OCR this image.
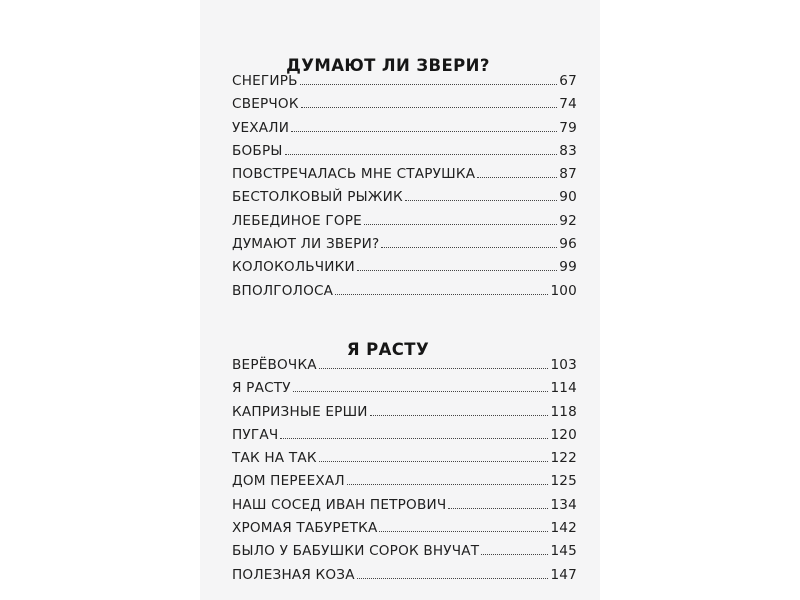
ДУМАЮТ ЛИ ЗВЕРИ?
СНЕГИРЬ	67
СВЕРЧОК	74
УЕХАЛИ	79
БОБРЫ	83
ПОВСТРЕЧАЛАСЬ МНЕ СТАРУШКА	87
БЕСТОЛКОВЫЙ РЫЖИК	90
ЛЕБЕДИНОЕ ГОРЕ	92
ДУМАЮТ ЛИ ЗВЕРИ?	96
КОЛОКОЛЬЧИКИ	99
ВПОЛГОЛОСА	100
Я РАСТУ
ВЕРЁВОЧКА	103
Я РАСТУ	114
КАПРИЗНЫЕ ЕРШИ	118
ПУГАЧ	120
ТАК НА ТАК	122
ДОМ ПЕРЕЕХАЛ	125
НАШ СОСЕД ИВАН ПЕТРОВИЧ	134
ХРОМАЯ ТАБУРЕТКА	142
БЫЛО У БАБУШКИ СОРОК ВНУЧАТ	145
ПОЛЕЗНАЯ КОЗА	147
